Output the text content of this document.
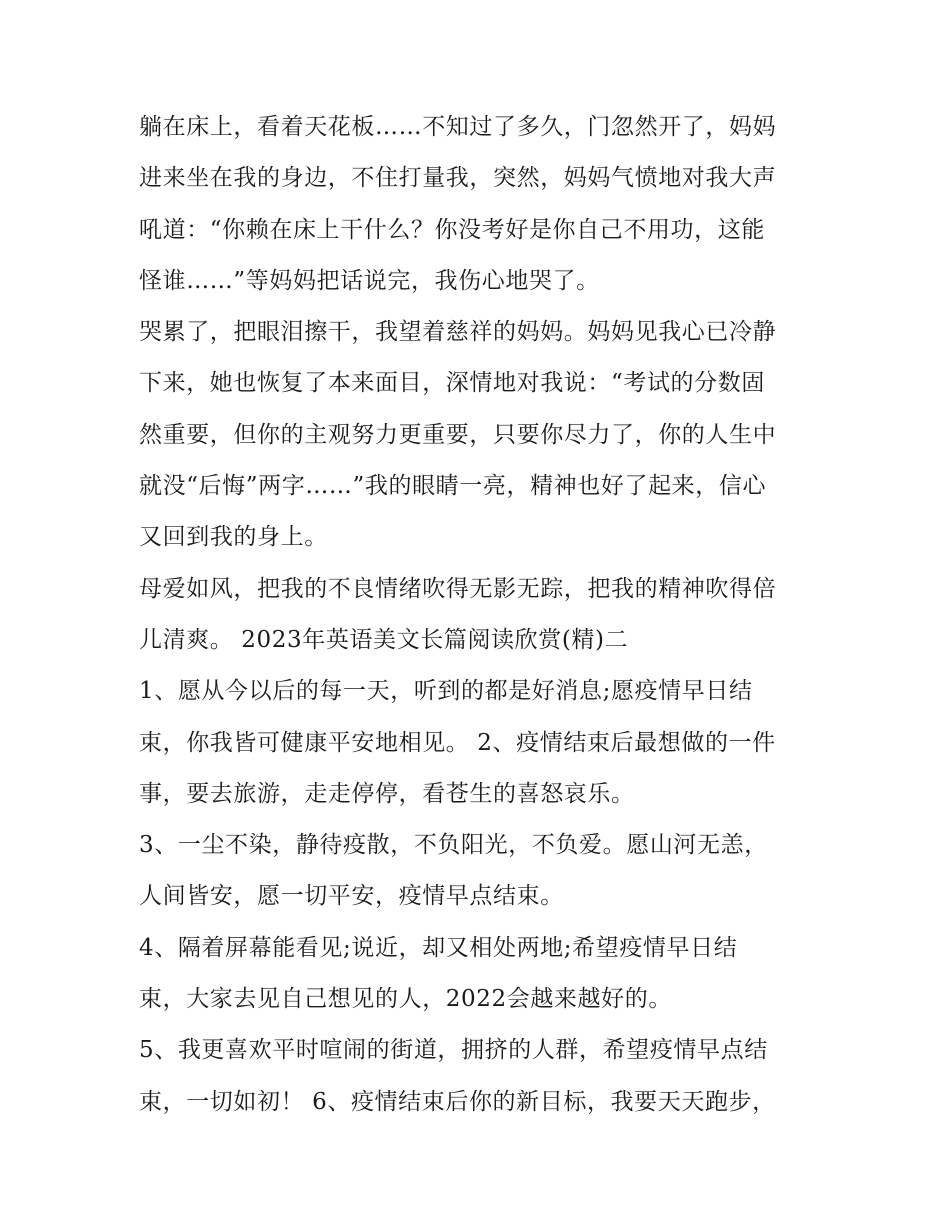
躺在床上，看着天花板……不知过了多久，门忽然开了，妈妈
进来坐在我的身边，不住打量我，突然，妈妈气愤地对我大声
吼道：“你赖在床上干什么？你没考好是你自己不用功，这能
怪谁……”等妈妈把话说完，我伤心地哭了。
哭累了，把眼泪擦干，我望着慈祥的妈妈。妈妈见我心已冷静
下来，她也恢复了本来面目，深情地对我说：“考试的分数固
然重要，但你的主观努力更重要，只要你尽力了，你的人生中
就没“后悔”两字……”我的眼睛一亮，精神也好了起来，信心
又回到我的身上。
母爱如风，把我的不良情绪吹得无影无踪，把我的精神吹得倍
儿清爽。 2023年英语美文长篇阅读欣赏(精)二
1、愿从今以后的每一天，听到的都是好消息;愿疫情早日结
束，你我皆可健康平安地相见。 2、疫情结束后最想做的一件
事，要去旅游，走走停停，看苍生的喜怒哀乐。
3、一尘不染，静待疫散，不负阳光，不负爱。愿山河无恙，
人间皆安，愿一切平安，疫情早点结束。
4、隔着屏幕能看见;说近，却又相处两地;希望疫情早日结
束，大家去见自己想见的人，2022会越来越好的。
5、我更喜欢平时喧闹的街道，拥挤的人群，希望疫情早点结
束，一切如初！ 6、疫情结束后你的新目标，我要天天跑步，
